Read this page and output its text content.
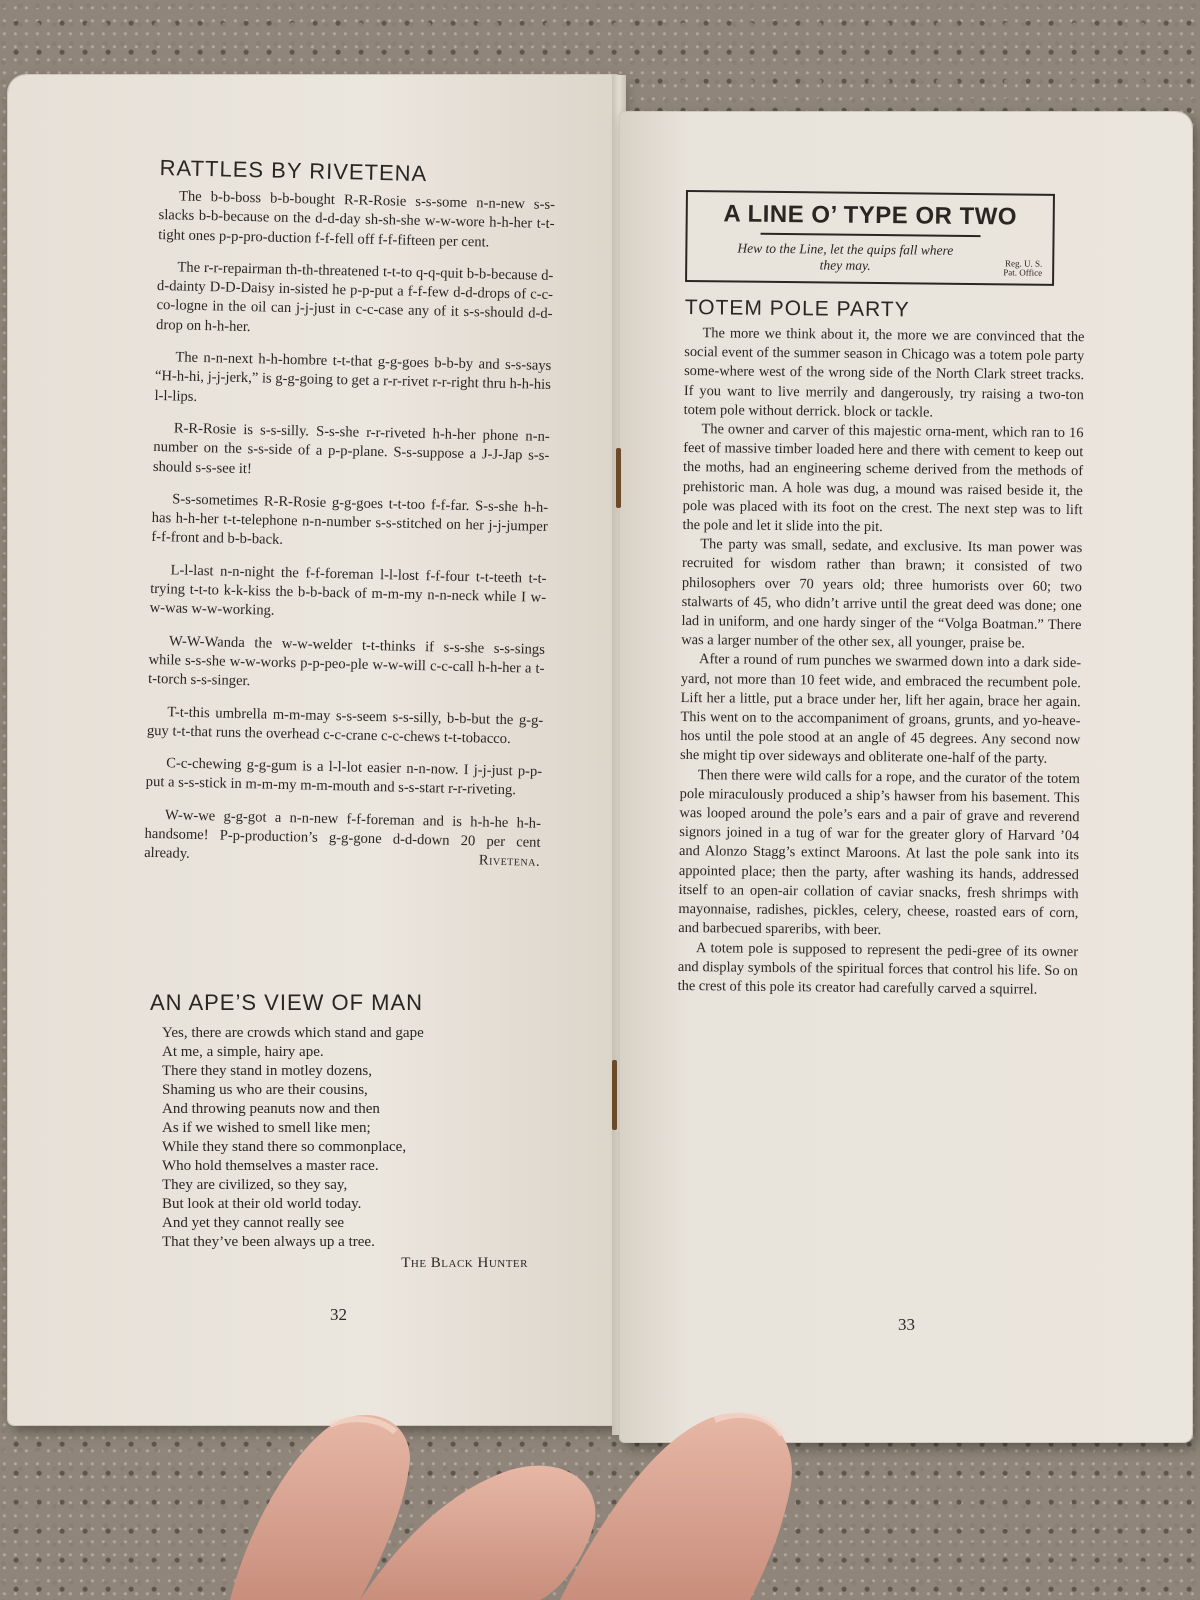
RATTLES BY RIVETENA

The b-b-boss b-b-bought R-R-Rosie s-s-some n-n-new s-s-slacks b-b-because on the d-d-day sh-sh-she w-w-wore h-h-her t-t-tight ones p-p-pro-duction f-f-fell off f-f-fifteen per cent.

The r-r-repairman th-th-threatened t-t-to q-q-quit b-b-because d-d-dainty D-D-Daisy in-sisted he p-p-put a f-f-few d-d-drops of c-c-co-logne in the oil can j-j-just in c-c-case any of it s-s-should d-d-drop on h-h-her.

The n-n-next h-h-hombre t-t-that g-g-goes b-b-by and s-s-says “H-h-hi, j-j-jerk,” is g-g-going to get a r-r-rivet r-r-right thru h-h-his l-l-lips.

R-R-Rosie is s-s-silly. S-s-she r-r-riveted h-h-her phone n-n-number on the s-s-side of a p-p-plane. S-s-suppose a J-J-Jap s-s-should s-s-see it!

S-s-sometimes R-R-Rosie g-g-goes t-t-too f-f-far. S-s-she h-h-has h-h-her t-t-telephone n-n-number s-s-stitched on her j-j-jumper f-f-front and b-b-back.

L-l-last n-n-night the f-f-foreman l-l-lost f-f-four t-t-teeth t-t-trying t-t-to k-k-kiss the b-b-back of m-m-my n-n-neck while I w-w-was w-w-working.

W-W-Wanda the w-w-welder t-t-thinks if s-s-she s-s-sings while s-s-she w-w-works p-p-peo-ple w-w-will c-c-call h-h-her a t-t-torch s-s-singer.

T-t-this umbrella m-m-may s-s-seem s-s-silly, b-b-but the g-g-guy t-t-that runs the overhead c-c-crane c-c-chews t-t-tobacco.

C-c-chewing g-g-gum is a l-l-lot easier n-n-now. I j-j-just p-p-put a s-s-stick in m-m-my m-m-mouth and s-s-start r-r-riveting.

W-w-we g-g-got a n-n-new f-f-foreman and is h-h-he h-h-handsome! P-p-production’s g-g-gone d-d-down 20 per cent already.	Rivetena.

AN APE’S VIEW OF MAN

Yes, there are crowds which stand and gape

At me, a simple, hairy ape.

There they stand in motley dozens,

Shaming us who are their cousins,

And throwing peanuts now and then

As if we wished to smell like men;

While they stand there so commonplace,

Who hold themselves a master race.

They are civilized, so they say,

But look at their old world today.

And yet they cannot really see

That they’ve been always up a tree.

The Black Hunter
32

A LINE O’ TYPE OR TWO

Hew to the Line, let the quips fall where they may.	Reg. U. S.
Pat. Office
TOTEM POLE PARTY

The more we think about it, the more we are convinced that the social event of the summer season in Chicago was a totem pole party some-where west of the wrong side of the North Clark street tracks. If you want to live merrily and dangerously, try raising a two-ton totem pole without derrick. block or tackle.

The owner and carver of this majestic orna-ment, which ran to 16 feet of massive timber loaded here and there with cement to keep out the moths, had an engineering scheme derived from the methods of prehistoric man. A hole was dug, a mound was raised beside it, the pole was placed with its foot on the crest. The next step was to lift the pole and let it slide into the pit.

The party was small, sedate, and exclusive. Its man power was recruited for wisdom rather than brawn; it consisted of two philosophers over 70 years old; three humorists over 60; two stalwarts of 45, who didn’t arrive until the great deed was done; one lad in uniform, and one hardy singer of the “Volga Boatman.” There was a larger number of the other sex, all younger, praise be.

After a round of rum punches we swarmed down into a dark side-yard, not more than 10 feet wide, and embraced the recumbent pole. Lift her a little, put a brace under her, lift her again, brace her again. This went on to the accompaniment of groans, grunts, and yo-heave-hos until the pole stood at an angle of 45 degrees. Any second now she might tip over sideways and obliterate one-half of the party.

Then there were wild calls for a rope, and the curator of the totem pole miraculously produced a ship’s hawser from his basement. This was looped around the pole’s ears and a pair of grave and reverend signors joined in a tug of war for the greater glory of Harvard ’04 and Alonzo Stagg’s extinct Maroons. At last the pole sank into its appointed place; then the party, after washing its hands, addressed itself to an open-air collation of caviar snacks, fresh shrimps with mayonnaise, radishes, pickles, celery, cheese, roasted ears of corn, and barbecued spareribs, with beer.

A totem pole is supposed to represent the pedi-gree of its owner and display symbols of the spiritual forces that control his life. So on the crest of this pole its creator had carefully carved a squirrel.

33
